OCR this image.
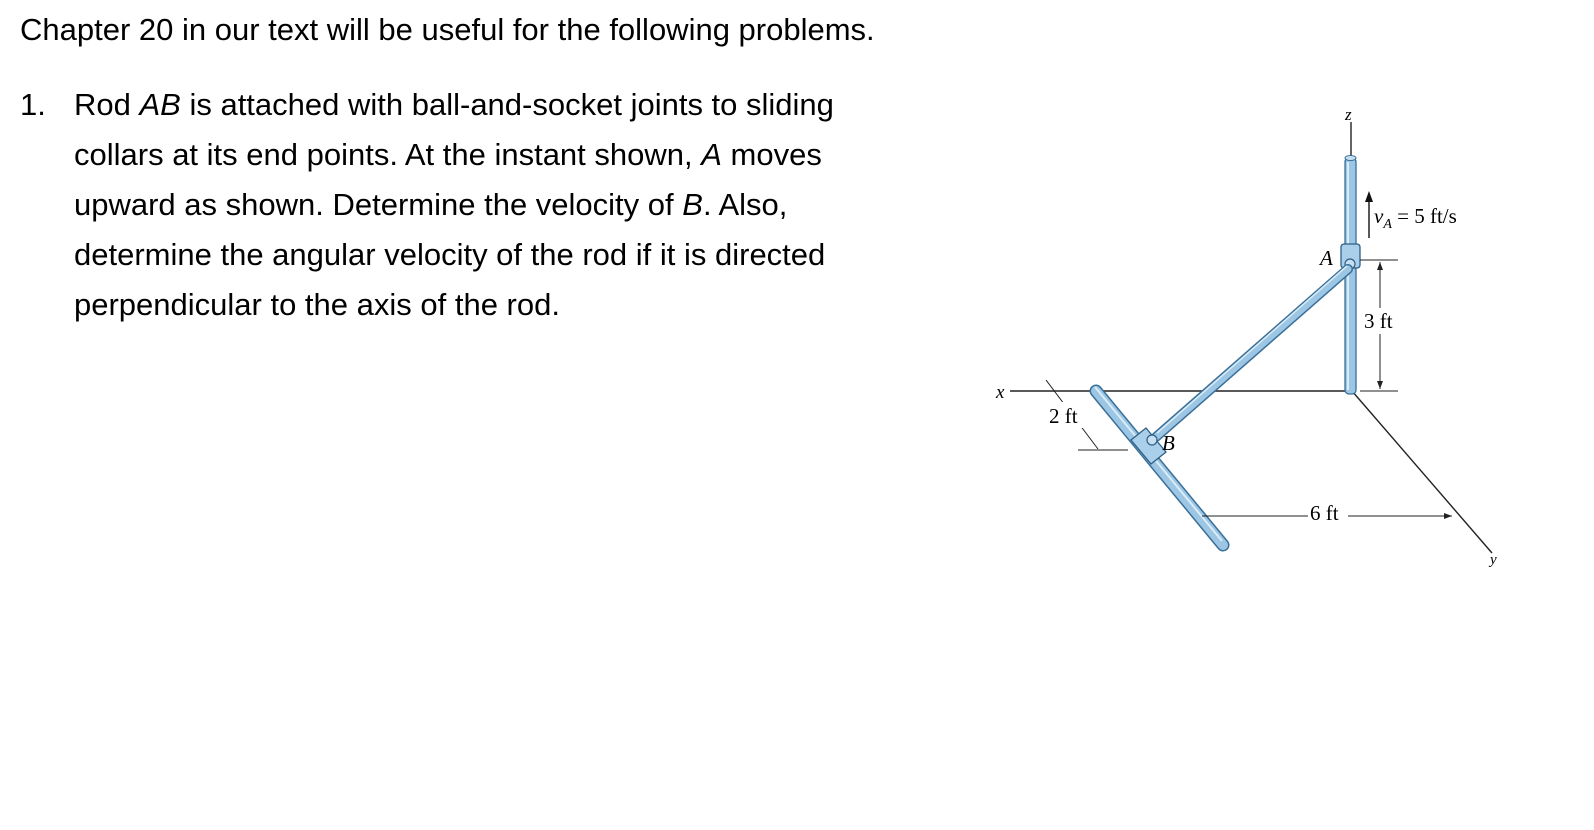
Chapter 20 in our text will be useful for the following problems.

1. Rod AB is attached with ball-and-socket joints to sliding
collars at its end points. At the instant shown, A moves
upward as shown. Determine the velocity of B. Also,
determine the angular velocity of the rod if it is directed
perpendicular to the axis of the rod.
x
y
z
A
$v_A = 5$ ft/s
3 ft
B
2 ft
6 ft
